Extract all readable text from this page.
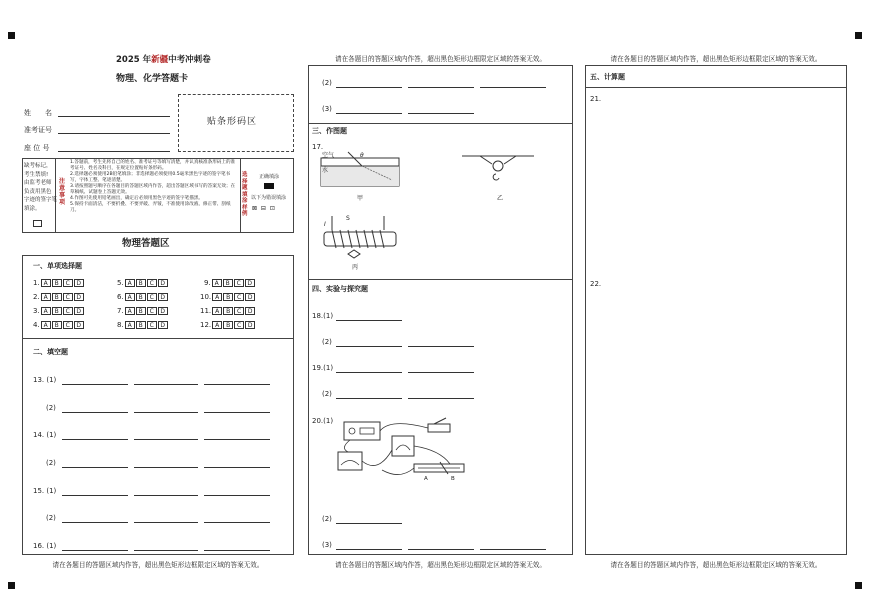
2025 年新疆中考冲刺卷
物理、化学答题卡
姓　　名
准考证号
座 位 号
贴条形码区
缺考标记，
考生禁填!
由监考老师
负责用黑色
字迹的签字笔
填涂。
注意事项
1.答题前，考生先将自己的姓名、准考证号等填写清楚，并认真核准条形码上的准考证号、姓名及科目，在规定位置贴好条形码。
2.选择题必须使用2B铅笔填涂；非选择题必须使用0.5毫米黑色字迹的签字笔书写，字体工整、笔迹清楚。
3.请按照题号顺序在各题目的答题区域内作答，超出答题区域书写的答案无效；在草稿纸、试题卷上答题无效。
4.作图可先使用铅笔画出，确定后必须用黑色字迹的签字笔描黑。
5.保持卡面清洁，不要折叠、不要弄破、弄皱，不准使用涂改液、修正带、刮纸刀。
选择题填涂样例
正确填涂
以下为错误填涂
⊠ ⊟ ⊡
物理答题区
一、单项选择题
1. A	B	C	D
2. A	B	C	D
3. A	B	C	D
4. A	B	C	D
5. A	B	C	D
6. A	B	C	D
7. A	B	C	D
8. A	B	C	D
9. A	B	C	D
10. A	B	C	D
11. A	B	C	D
12. A	B	C	D
二、填空题
13. (1)
(2)
14. (1)
(2)
15. (1)
(2)
16. (1)
请在各题目的答题区域内作答，超出黑色矩形边框限定区域的答案无效。
请在各题目的答题区域内作答，超出黑色矩形边框限定区域的答案无效。
(2)
(3)
三、作图题
17.
空气
水
θ
甲	乙
I
S
丙
四、实验与探究题
18.(1)
(2)
19.(1)
(2)
20.(1)
A	B
(2)
(3)
请在各题目的答题区域内作答，超出黑色矩形边框限定区域的答案无效。
请在各题目的答题区域内作答，超出黑色矩形边框限定区域的答案无效。
五、计算题
21.
22.
请在各题目的答题区域内作答，超出黑色矩形边框限定区域的答案无效。
